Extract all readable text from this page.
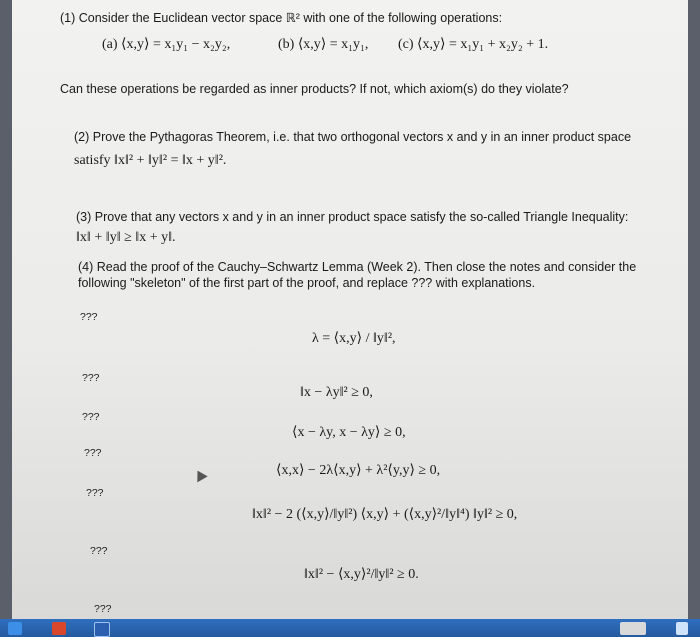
(1) Consider the Euclidean vector space ℝ² with one of the following operations:
(a) ⟨x,y⟩ = x₁y₁ − x₂y₂,	(b) ⟨x,y⟩ = x₁y₁, (c) ⟨x,y⟩ = x₁y₁ + x₂y₂ + 1.
Can these operations be regarded as inner products? If not, which axiom(s) do they violate?
(2) Prove the Pythagoras Theorem, i.e. that two orthogonal vectors x and y in an inner product space
satisfy ‖x‖² + ‖y‖² = ‖x + y‖².
(3) Prove that any vectors x and y in an inner product space satisfy the so-called Triangle Inequality:
‖x‖ + ‖y‖ ≥ ‖x + y‖.
(4) Read the proof of the Cauchy–Schwartz Lemma (Week 2). Then close the notes and consider the
following "skeleton" of the first part of the proof, and replace ??? with explanations.
???
λ = ⟨x,y⟩ / ‖y‖²,
???
‖x − λy‖² ≥ 0,
???
⟨x − λy, x − λy⟩ ≥ 0,
???
⟨x,x⟩ − 2λ⟨x,y⟩ + λ²⟨y,y⟩ ≥ 0,
???
‖x‖² − 2 (⟨x,y⟩/‖y‖²) ⟨x,y⟩ + (⟨x,y⟩²/‖y‖⁴) ‖y‖² ≥ 0,
???
‖x‖² − ⟨x,y⟩²/‖y‖² ≥ 0.
???
